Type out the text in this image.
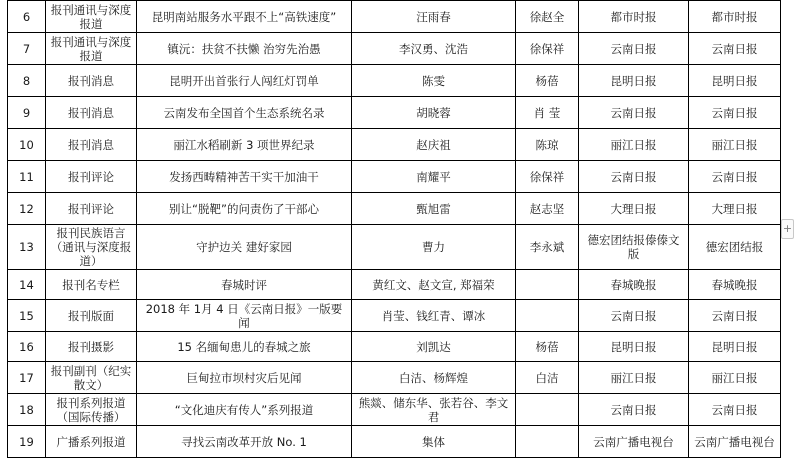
6	报刊通讯与深度报道	昆明南站服务水平跟不上“高铁速度”	汪雨春	徐赵全	都市时报	都市时报
7	报刊通讯与深度报道	镇沅：扶贫不扶懒 治穷先治愚	李汉勇、沈浩	徐保祥	云南日报	云南日报
8	报刊消息	昆明开出首张行人闯红灯罚单	陈雯	杨蓓	昆明日报	昆明日报
9	报刊消息	云南发布全国首个生态系统名录	胡晓蓉	肖 莹	云南日报	云南日报
10	报刊消息	丽江水稻刷新 3 项世界纪录	赵庆祖	陈琼	丽江日报	丽江日报
11	报刊评论	发扬西畴精神苦干实干加油干	南耀平	徐保祥	云南日报	云南日报
12	报刊评论	别让“脱靶”的问责伤了干部心	甄旭雷	赵志坚	大理日报	大理日报
13	报刊民族语言（通讯与深度报道）	守护边关 建好家园	曹力	李永斌	德宏团结报傣傣文版	德宏团结报
14	报刊名专栏	春城时评	黄红文、赵文宣, 郑福荣		春城晚报	春城晚报
15	报刊版面	2018 年 1月 4 日《云南日报》一版要闻	肖莹、钱红青、谭冰		云南日报	云南日报
16	报刊摄影	15 名缅甸患儿的春城之旅	刘凯达	杨蓓	昆明日报	昆明日报
17	报刊副刊（纪实散文）	巨甸拉市坝村灾后见闻	白洁、杨辉煌	白洁	丽江日报	丽江日报
18	报刊系列报道（国际传播）	“文化迪庆有传人”系列报道	熊燚、储东华、张若谷、李文君		云南日报	云南日报
19	广播系列报道	寻找云南改革开放 No. 1	集体		云南广播电视台	云南广播电视台
+
